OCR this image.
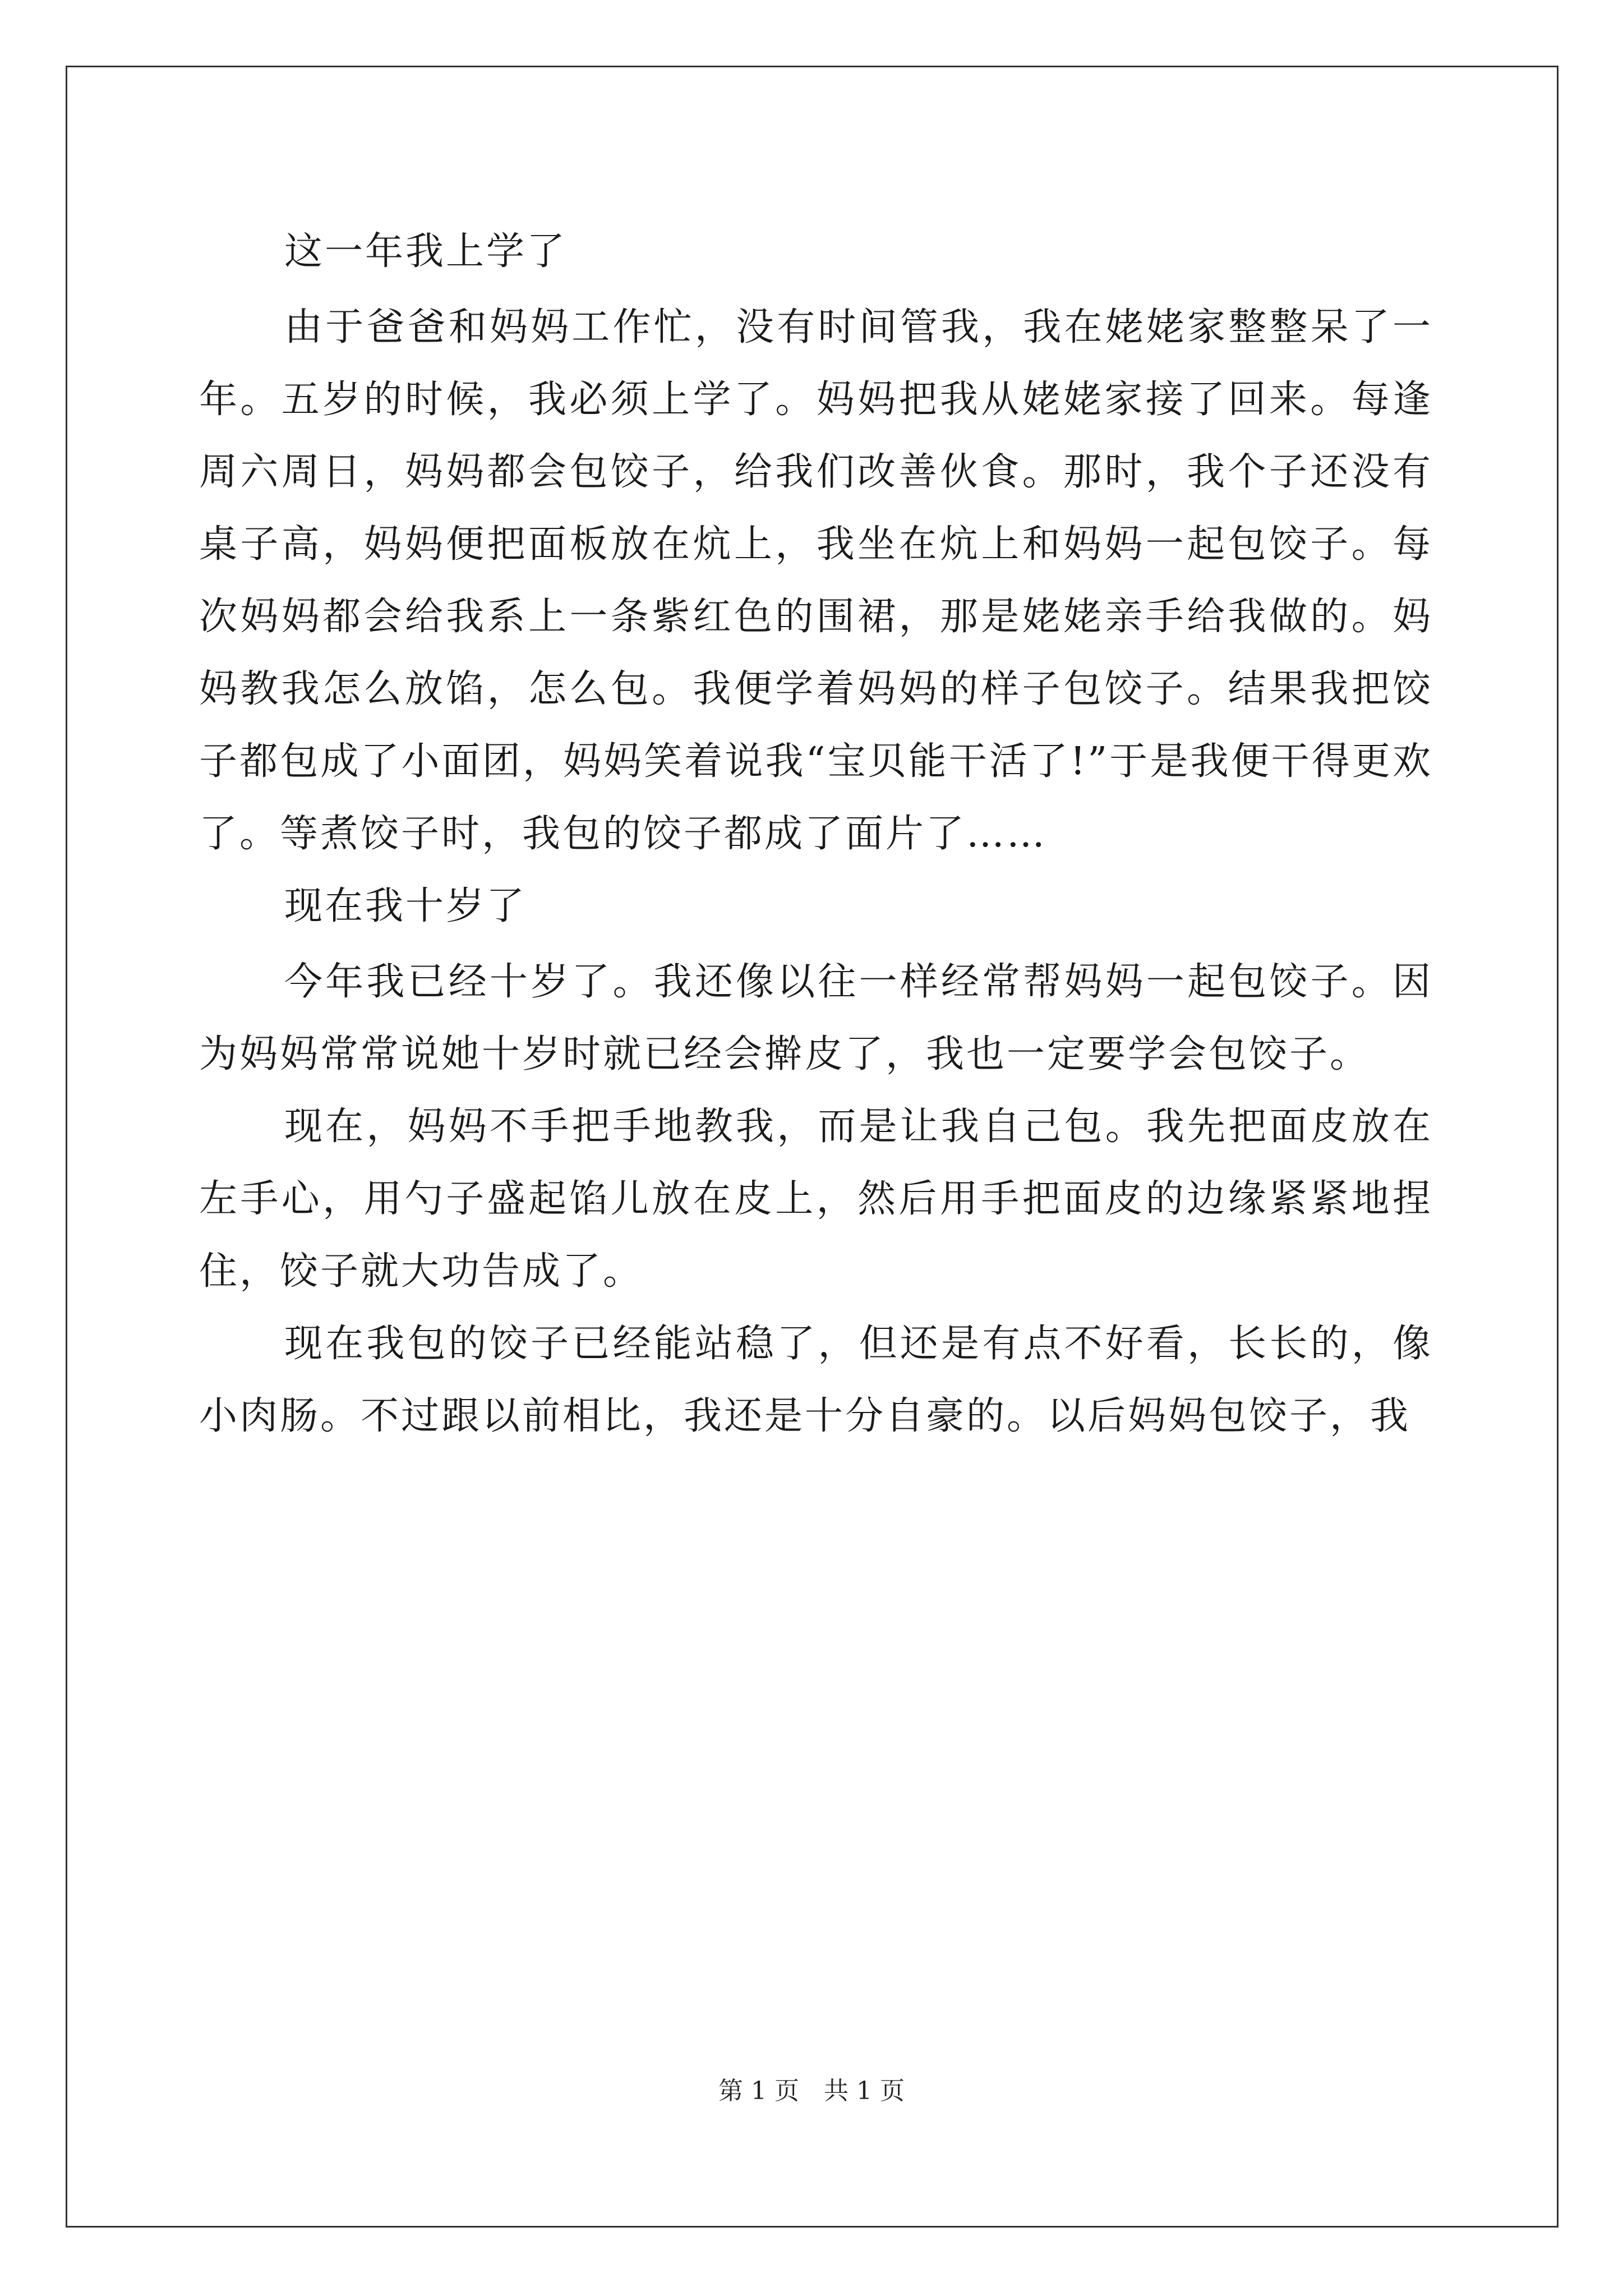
这一年我上学了

由于爸爸和妈妈工作忙，没有时间管我，我在姥姥家整整呆了一年。五岁的时候，我必须上学了。妈妈把我从姥姥家接了回来。每逢周六周日，妈妈都会包饺子，给我们改善伙食。那时，我个子还没有桌子高，妈妈便把面板放在炕上，我坐在炕上和妈妈一起包饺子。每次妈妈都会给我系上一条紫红色的围裙，那是姥姥亲手给我做的。妈妈教我怎么放馅，怎么包。我便学着妈妈的样子包饺子。结果我把饺子都包成了小面团，妈妈笑着说我“宝贝能干活了!”于是我便干得更欢了。等煮饺子时，我包的饺子都成了面片了……

现在我十岁了

今年我已经十岁了。我还像以往一样经常帮妈妈一起包饺子。因为妈妈常常说她十岁时就已经会擀皮了，我也一定要学会包饺子。

现在，妈妈不手把手地教我，而是让我自己包。我先把面皮放在左手心，用勺子盛起馅儿放在皮上，然后用手把面皮的边缘紧紧地捏住，饺子就大功告成了。

现在我包的饺子已经能站稳了，但还是有点不好看，长长的，像小肉肠。不过跟以前相比，我还是十分自豪的。以后妈妈包饺子，我

第 1 页　共 1 页
